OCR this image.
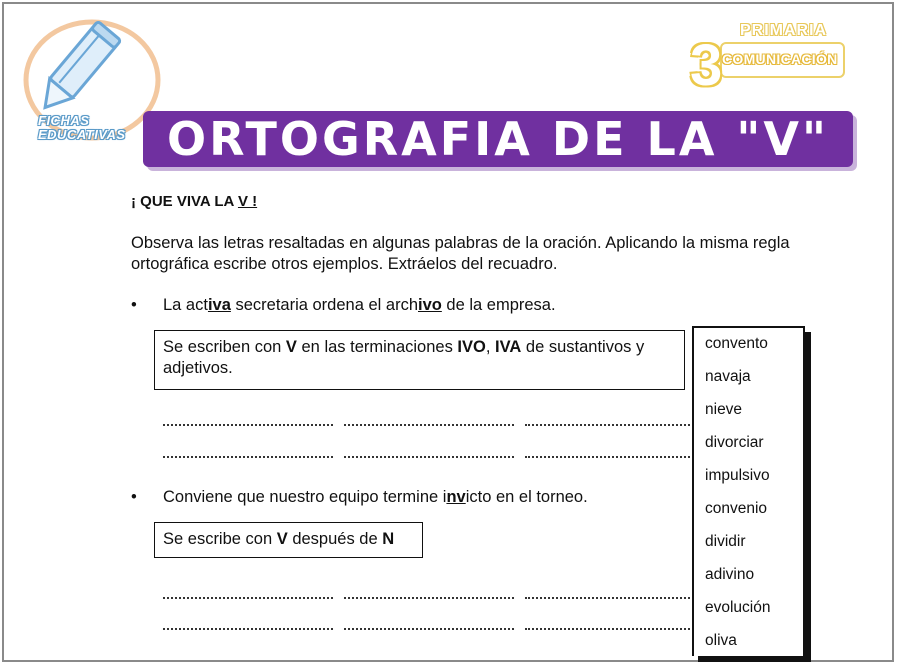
FICHAS
EDUCATIVAS
PRIMARIA
3 COMUNICACIÓN
ORTOGRAFIA DE LA "V"
¡ QUE VIVA LA V !
Observa las letras resaltadas en algunas palabras de la oración. Aplicando la misma regla ortográfica escribe otros ejemplos. Extráelos del recuadro.
• La activa secretaria ordena el archivo de la empresa.
Se escriben con V en las terminaciones IVO, IVA de sustantivos y adjetivos.
• Conviene que nuestro equipo termine invicto en el torneo.
Se escribe con V después de N
convento
navaja
nieve
divorciar
impulsivo
convenio
dividir
adivino
evolución
oliva
